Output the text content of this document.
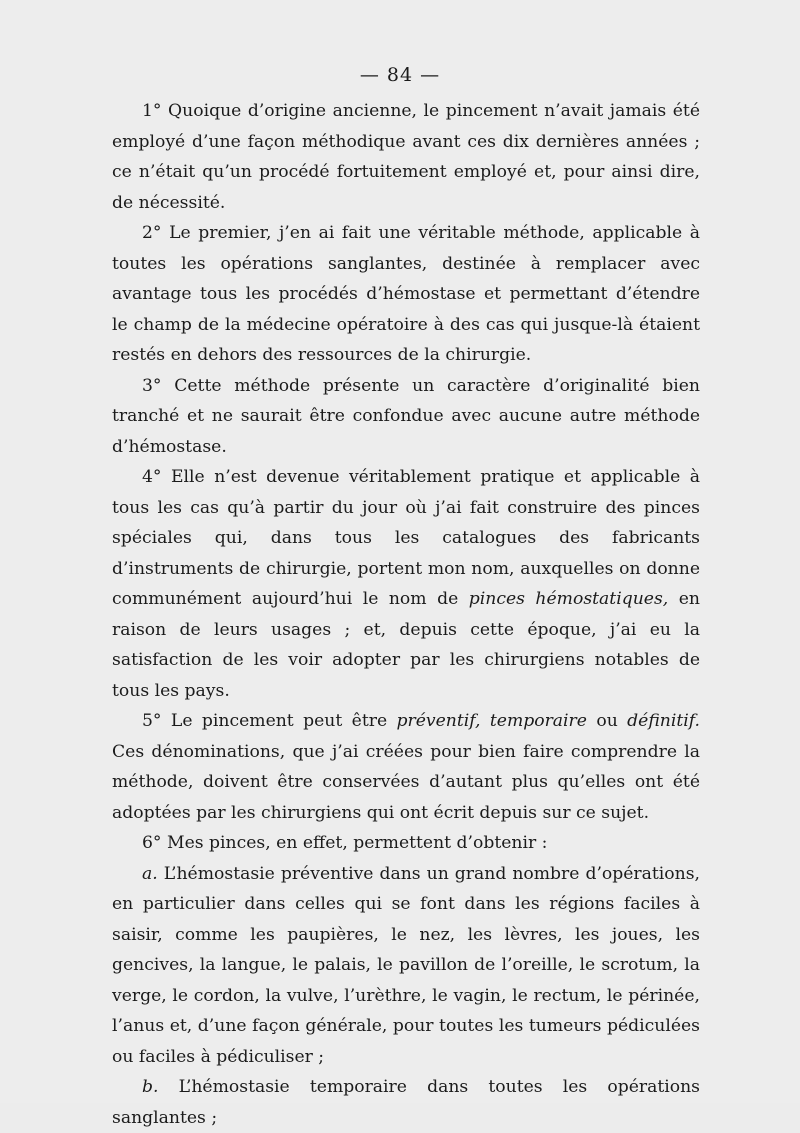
— 84 —

1° Quoique d’origine ancienne, le pincement n’avait jamais été employé d’une façon méthodique avant ces dix dernières années ; ce n’était qu’un procédé fortuitement employé et, pour ainsi dire, de nécessité.

2° Le premier, j’en ai fait une véritable méthode, applicable à toutes les opérations sanglantes, destinée à remplacer avec avantage tous les procédés d’hémostase et permettant d’étendre le champ de la médecine opératoire à des cas qui jusque-là étaient restés en dehors des ressources de la chirurgie.

3° Cette méthode présente un caractère d’originalité bien tranché et ne saurait être confondue avec aucune autre méthode d’hémostase.

4° Elle n’est devenue véritablement pratique et applicable à tous les cas qu’à partir du jour où j’ai fait construire des pinces spéciales qui, dans tous les catalogues des fabricants d’instruments de chirurgie, portent mon nom, auxquelles on donne communément aujourd’hui le nom de pinces hémostatiques, en raison de leurs usages ; et, depuis cette époque, j’ai eu la satisfaction de les voir adopter par les chirurgiens notables de tous les pays.

5° Le pincement peut être préventif, temporaire ou définitif. Ces dénominations, que j’ai créées pour bien faire comprendre la méthode, doivent être conservées d’autant plus qu’elles ont été adoptées par les chirurgiens qui ont écrit depuis sur ce sujet.

6° Mes pinces, en effet, permettent d’obtenir :

a. L’hémostasie préventive dans un grand nombre d’opérations, en particulier dans celles qui se font dans les régions faciles à saisir, comme les paupières, le nez, les lèvres, les joues, les gencives, la langue, le palais, le pavillon de l’oreille, le scrotum, la verge, le cordon, la vulve, l’urèthre, le vagin, le rectum, le périnée, l’anus et, d’une façon générale, pour toutes les tumeurs pédiculées ou faciles à pédiculiser ;

b. L’hémostasie temporaire dans toutes les opérations sanglantes ;
